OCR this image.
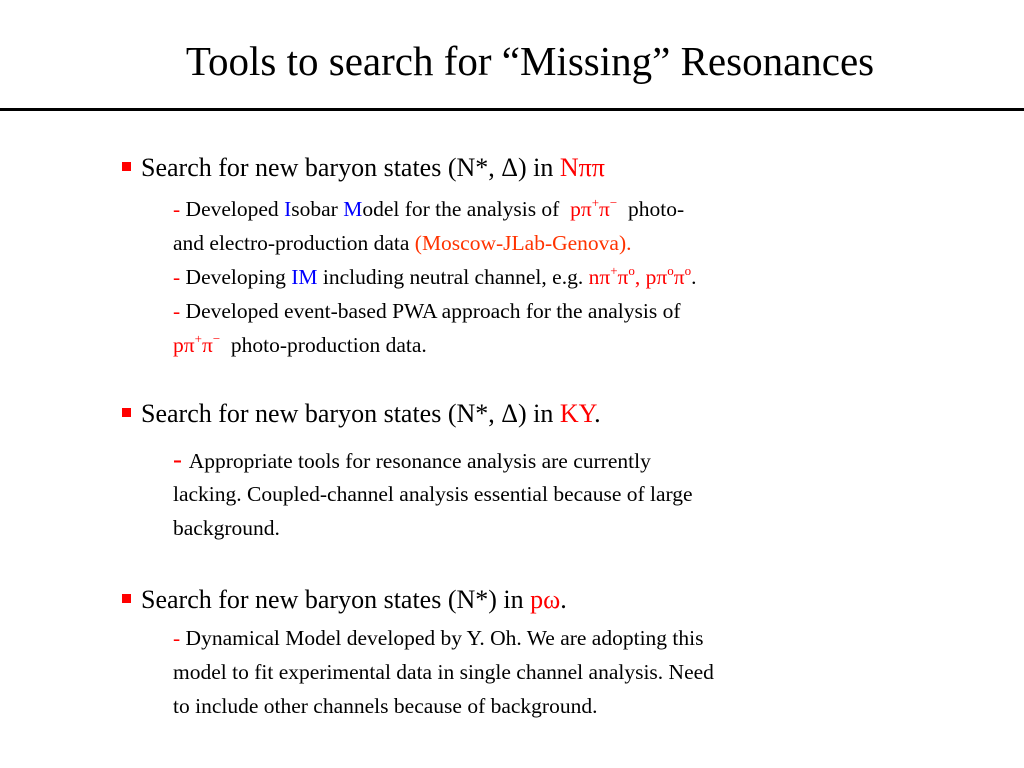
Tools to search for “Missing” Resonances
Search for new baryon states (N*, Δ) in Nππ
- Developed Isobar Model for the analysis of  pπ+π− photo-
and electro-production data (Moscow-JLab-Genova).
- Developing IM including neutral channel, e.g. $n\pi^+\pi^o$, $p\pi^o\pi^o$.
- Developed event-based PWA approach for the analysis of
pπ+π− photo-production data.
Search for new baryon states (N*, Δ) in KY.
- Appropriate tools for resonance analysis are currently
lacking. Coupled-channel analysis essential because of large
background.
Search for new baryon states (N*) in pω.
- Dynamical Model developed by Y. Oh. We are adopting this
model to fit experimental data in single channel analysis. Need
to include other channels because of background.
